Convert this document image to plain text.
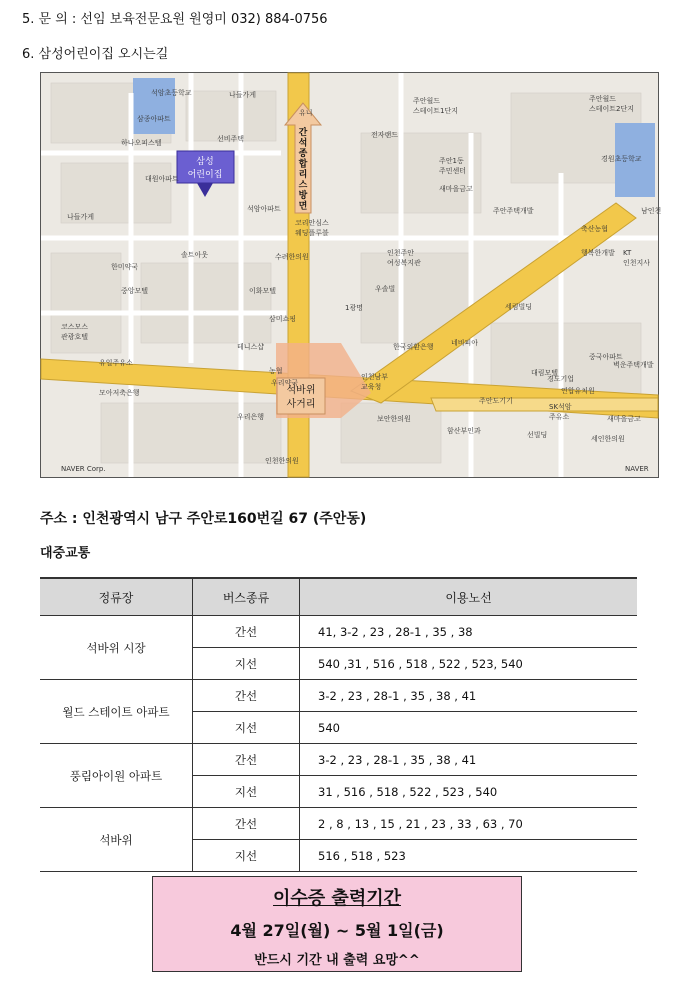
5. 문 의 : 선임 보육전문요원 원영미 032) 884-0756
6. 삼성어린이집 오시는길
간
석
종
합
리
스
방
면
삼성
어린이집
석바위
사거리
석암초등학교	나들가게
유니
주안월드
스테이트1단지
삼종아파트
하나오피스텔	선비주택
대원아파트
주안1동
주민센터
새마을금고
전자랜드
주안월드
스테이트2단지
경원초등학교
나들가게
석암아파트
코리안심스
웨딩플루블
주안주택개발
축산농협
남인천
한미약국
솔트아웃	수려한의원	인천주안
여성복지관
행복한개발 KT
인천지사
중앙모텔	이화모텔	우솔빌
코스모스
관광호텔
삼미쇼핑
1광명	세림빌딩
한국외환은행 네비피아
유일주유소
테니스샵
농협	대림모텔
경도기업
중국아파트
벽운주택개발
우리약국
인천남부
교육청	연합유치원
모아저축은행
주안도기기
SK석암
주유소	새마을금고
우리은행	보안한의원
함산부인과	선빌딩	세인한의원
인천한의원
NAVER Corp.	NAVER
주소 : 인천광역시 남구 주안로160번길 67 (주안동)
대중교통
정류장	버스종류	이용노선
석바위 시장	간선	41, 3-2 , 23 , 28-1 , 35 , 38
	지선	540 ,31 , 516 , 518 , 522 , 523, 540
월드 스테이트 아파트	간선	3-2 , 23 , 28-1 , 35 , 38 , 41
	지선	540
풍림아이원 아파트	간선	3-2 , 23 , 28-1 , 35 , 38 , 41
	지선	31 , 516 , 518 , 522 , 523 , 540
석바위	간선	2 , 8 , 13 , 15 , 21 , 23 , 33 , 63 , 70
	지선	516 , 518 , 523
이수증 출력기간
4월 27일(월) ~ 5월 1일(금)
반드시 기간 내 출력 요망^^
